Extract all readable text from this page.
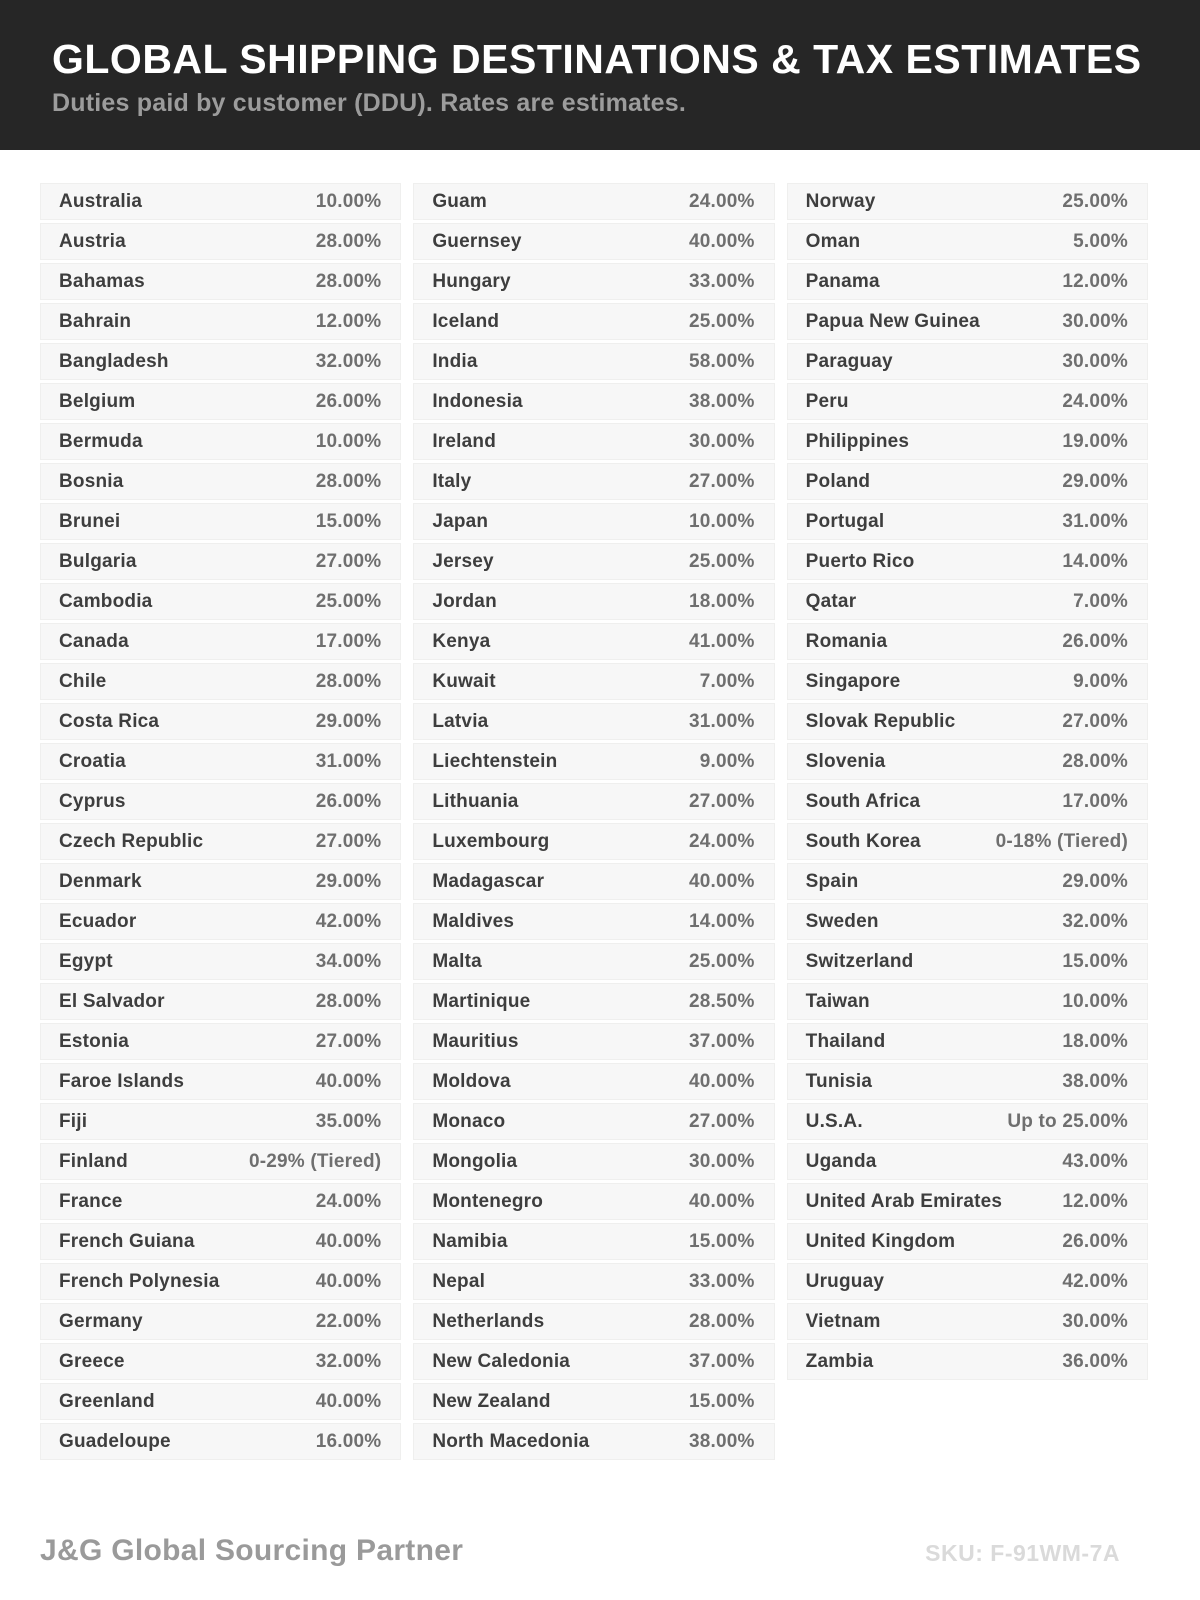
GLOBAL SHIPPING DESTINATIONS & TAX ESTIMATES
Duties paid by customer (DDU). Rates are estimates.
Australia	10.00%
Austria	28.00%
Bahamas	28.00%
Bahrain	12.00%
Bangladesh	32.00%
Belgium	26.00%
Bermuda	10.00%
Bosnia	28.00%
Brunei	15.00%
Bulgaria	27.00%
Cambodia	25.00%
Canada	17.00%
Chile	28.00%
Costa Rica	29.00%
Croatia	31.00%
Cyprus	26.00%
Czech Republic	27.00%
Denmark	29.00%
Ecuador	42.00%
Egypt	34.00%
El Salvador	28.00%
Estonia	27.00%
Faroe Islands	40.00%
Fiji	35.00%
Finland	0-29% (Tiered)
France	24.00%
French Guiana	40.00%
French Polynesia	40.00%
Germany	22.00%
Greece	32.00%
Greenland	40.00%
Guadeloupe	16.00%
Guam	24.00%
Guernsey	40.00%
Hungary	33.00%
Iceland	25.00%
India	58.00%
Indonesia	38.00%
Ireland	30.00%
Italy	27.00%
Japan	10.00%
Jersey	25.00%
Jordan	18.00%
Kenya	41.00%
Kuwait	7.00%
Latvia	31.00%
Liechtenstein	9.00%
Lithuania	27.00%
Luxembourg	24.00%
Madagascar	40.00%
Maldives	14.00%
Malta	25.00%
Martinique	28.50%
Mauritius	37.00%
Moldova	40.00%
Monaco	27.00%
Mongolia	30.00%
Montenegro	40.00%
Namibia	15.00%
Nepal	33.00%
Netherlands	28.00%
New Caledonia	37.00%
New Zealand	15.00%
North Macedonia	38.00%
Norway	25.00%
Oman	5.00%
Panama	12.00%
Papua New Guinea	30.00%
Paraguay	30.00%
Peru	24.00%
Philippines	19.00%
Poland	29.00%
Portugal	31.00%
Puerto Rico	14.00%
Qatar	7.00%
Romania	26.00%
Singapore	9.00%
Slovak Republic	27.00%
Slovenia	28.00%
South Africa	17.00%
South Korea	0-18% (Tiered)
Spain	29.00%
Sweden	32.00%
Switzerland	15.00%
Taiwan	10.00%
Thailand	18.00%
Tunisia	38.00%
U.S.A.	Up to 25.00%
Uganda	43.00%
United Arab Emirates	12.00%
United Kingdom	26.00%
Uruguay	42.00%
Vietnam	30.00%
Zambia	36.00%
J&G Global Sourcing Partner	SKU: F-91WM-7A
